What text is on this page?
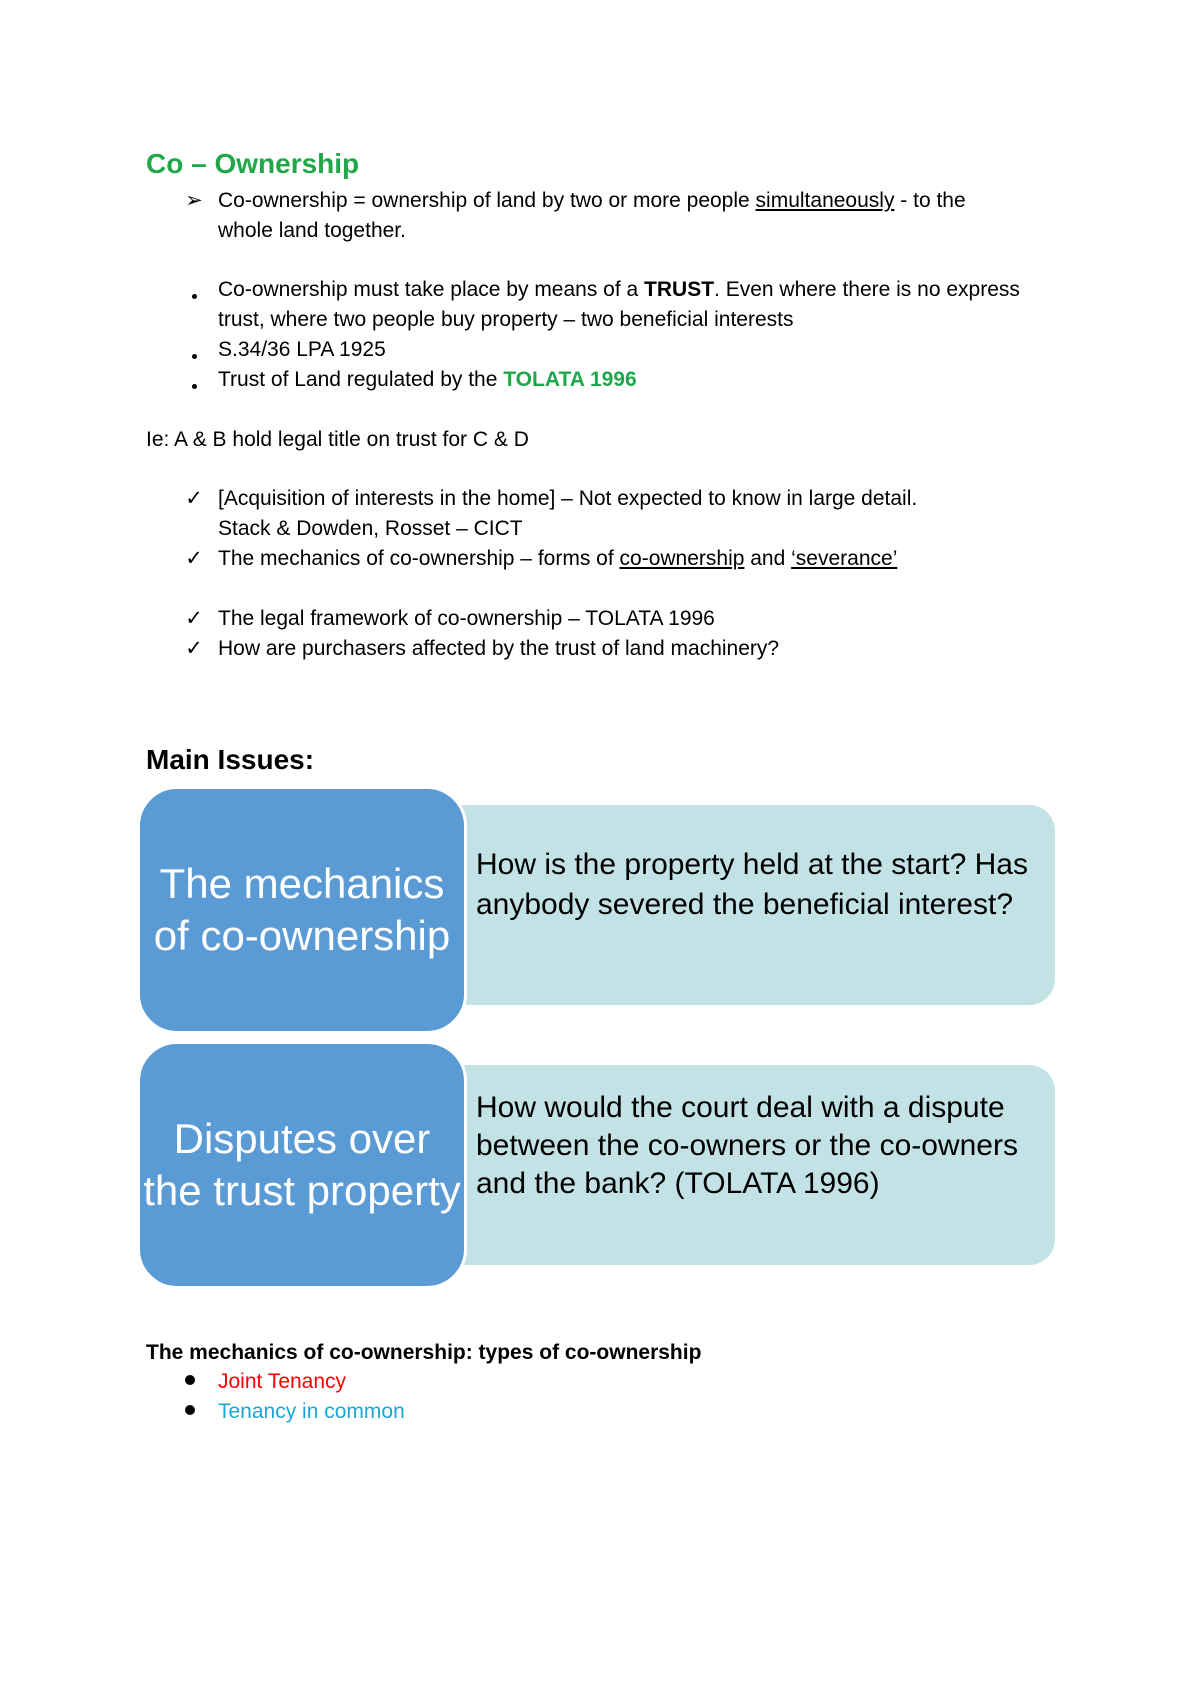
Co – Ownership
➢ Co-ownership = ownership of land by two or more people simultaneously - to the
whole land together.
Co-ownership must take place by means of a TRUST. Even where there is no express
trust, where two people buy property – two beneficial interests
S.34/36 LPA 1925
Trust of Land regulated by the TOLATA 1996
Ie: A & B hold legal title on trust for C & D
✓ [Acquisition of interests in the home] – Not expected to know in large detail.
Stack & Dowden, Rosset – CICT
✓ The mechanics of co-ownership – forms of co-ownership and ‘severance’
✓ The legal framework of co-ownership – TOLATA 1996
✓ How are purchasers affected by the trust of land machinery?
Main Issues:
How is the property held at the start? Has anybody severed the beneficial interest?
The mechanics of co-ownership
How would the court deal with a dispute between the co-owners or the co-owners and the bank? (TOLATA 1996)
Disputes over the trust property
The mechanics of co-ownership: types of co-ownership
Joint Tenancy
Tenancy in common
